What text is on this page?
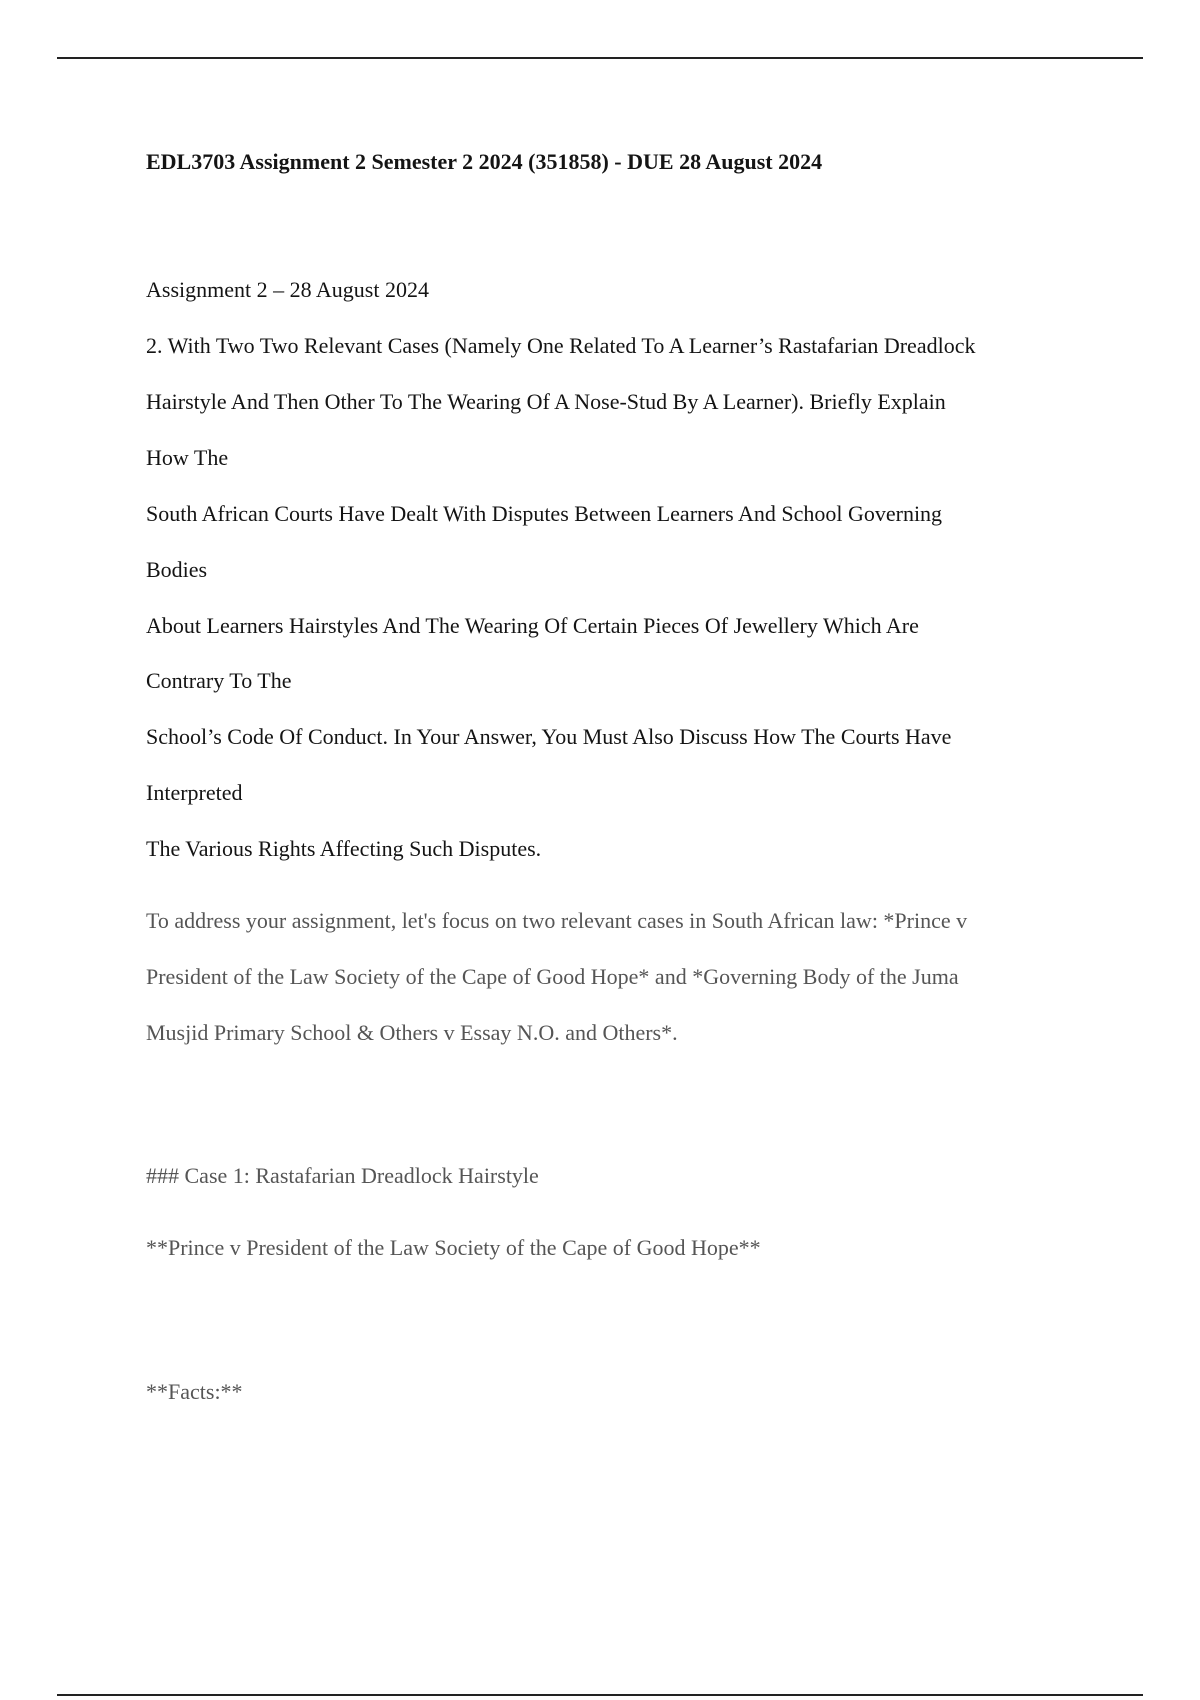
EDL3703 Assignment 2 Semester 2 2024 (351858) - DUE 28 August 2024
Assignment 2 – 28 August 2024
2. With Two Two Relevant Cases (Namely One Related To A Learner’s Rastafarian Dreadlock
Hairstyle And Then Other To The Wearing Of A Nose-Stud By A Learner). Briefly Explain
How The
South African Courts Have Dealt With Disputes Between Learners And School Governing
Bodies
About Learners Hairstyles And The Wearing Of Certain Pieces Of Jewellery Which Are
Contrary To The
School’s Code Of Conduct. In Your Answer, You Must Also Discuss How The Courts Have
Interpreted
The Various Rights Affecting Such Disputes.
To address your assignment, let's focus on two relevant cases in South African law: *Prince v
President of the Law Society of the Cape of Good Hope* and *Governing Body of the Juma
Musjid Primary School & Others v Essay N.O. and Others*.
### Case 1: Rastafarian Dreadlock Hairstyle
**Prince v President of the Law Society of the Cape of Good Hope**
**Facts:**
